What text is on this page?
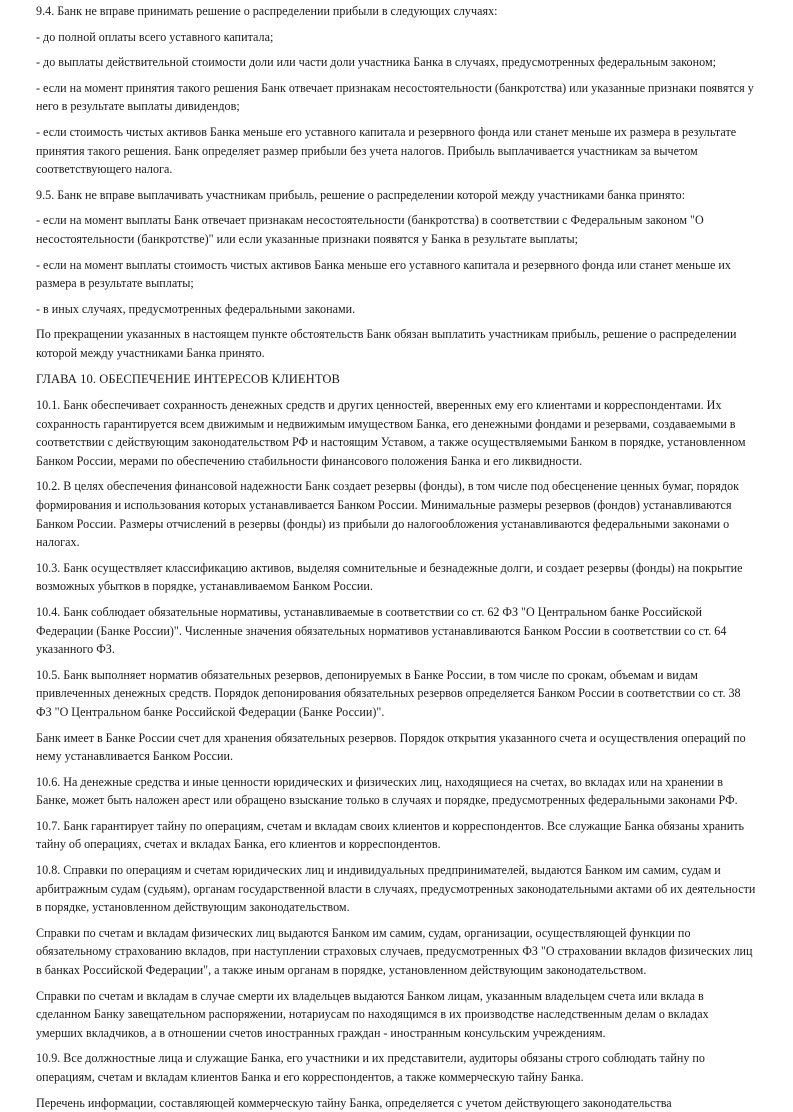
9.4. Банк не вправе принимать решение о распределении прибыли в следующих случаях:

- до полной оплаты всего уставного капитала;

- до выплаты действительной стоимости доли или части доли участника Банка в случаях, предусмотренных федеральным законом;

- если на момент принятия такого решения Банк отвечает признакам несостоятельности (банкротства) или указанные признаки появятся у него в результате выплаты дивидендов;

- если стоимость чистых активов Банка меньше его уставного капитала и резервного фонда или станет меньше их размера в результате принятия такого решения. Банк определяет размер прибыли без учета налогов. Прибыль выплачивается участникам за вычетом соответствующего налога.

9.5. Банк не вправе выплачивать участникам прибыль, решение о распределении которой между участниками банка принято:

- если на момент выплаты Банк отвечает признакам несостоятельности (банкротства) в соответствии с Федеральным законом "О несостоятельности (банкротстве)" или если указанные признаки появятся у Банка в результате выплаты;

- если на момент выплаты стоимость чистых активов Банка меньше его уставного капитала и резервного фонда или станет меньше их размера в результате выплаты;

- в иных случаях, предусмотренных федеральными законами.

По прекращении указанных в настоящем пункте обстоятельств Банк обязан выплатить участникам прибыль, решение о распределении которой между участниками Банка принято.

ГЛАВА 10. ОБЕСПЕЧЕНИЕ ИНТЕРЕСОВ КЛИЕНТОВ

10.1. Банк обеспечивает сохранность денежных средств и других ценностей, вверенных ему его клиентами и корреспондентами. Их сохранность гарантируется всем движимым и недвижимым имуществом Банка, его денежными фондами и резервами, создаваемыми в соответствии с действующим законодательством РФ и настоящим Уставом, а также осуществляемыми Банком в порядке, установленном Банком России, мерами по обеспечению стабильности финансового положения Банка и его ликвидности.

10.2. В целях обеспечения финансовой надежности Банк создает резервы (фонды), в том числе под обесценение ценных бумаг, порядок формирования и использования которых устанавливается Банком России. Минимальные размеры резервов (фондов) устанавливаются Банком России. Размеры отчислений в резервы (фонды) из прибыли до налогообложения устанавливаются федеральными законами о налогах.

10.3. Банк осуществляет классификацию активов, выделяя сомнительные и безнадежные долги, и создает резервы (фонды) на покрытие возможных убытков в порядке, устанавливаемом Банком России.

10.4. Банк соблюдает обязательные нормативы, устанавливаемые в соответствии со ст. 62 ФЗ "О Центральном банке Российской Федерации (Банке России)". Численные значения обязательных нормативов устанавливаются Банком России в соответствии со ст. 64 указанного ФЗ.

10.5. Банк выполняет норматив обязательных резервов, депонируемых в Банке России, в том числе по срокам, объемам и видам привлеченных денежных средств. Порядок депонирования обязательных резервов определяется Банком России в соответствии со ст. 38 ФЗ "О Центральном банке Российской Федерации (Банке России)".

Банк имеет в Банке России счет для хранения обязательных резервов. Порядок открытия указанного счета и осуществления операций по нему устанавливается Банком России.

10.6. На денежные средства и иные ценности юридических и физических лиц, находящиеся на счетах, во вкладах или на хранении в Банке, может быть наложен арест или обращено взыскание только в случаях и порядке, предусмотренных федеральными законами РФ.

10.7. Банк гарантирует тайну по операциям, счетам и вкладам своих клиентов и корреспондентов. Все служащие Банка обязаны хранить тайну об операциях, счетах и вкладах Банка, его клиентов и корреспондентов.

10.8. Справки по операциям и счетам юридических лиц и индивидуальных предпринимателей, выдаются Банком им самим, судам и арбитражным судам (судьям), органам государственной власти в случаях, предусмотренных законодательными актами об их деятельности в порядке, установленном действующим законодательством.

Справки по счетам и вкладам физических лиц выдаются Банком им самим, судам, организации, осуществляющей функции по обязательному страхованию вкладов, при наступлении страховых случаев, предусмотренных ФЗ "О страховании вкладов физических лиц в банках Российской Федерации", а также иным органам в порядке, установленном действующим законодательством.

Справки по счетам и вкладам в случае смерти их владельцев выдаются Банком лицам, указанным владельцем счета или вклада в сделанном Банку завещательном распоряжении, нотариусам по находящимся в их производстве наследственным делам о вкладах умерших вкладчиков, а в отношении счетов иностранных граждан - иностранным консульским учреждениям.

10.9. Все должностные лица и служащие Банка, его участники и их представители, аудиторы обязаны строго соблюдать тайну по операциям, счетам и вкладам клиентов Банка и его корреспондентов, а также коммерческую тайну Банка.

Перечень информации, составляющей коммерческую тайну Банка, определяется с учетом действующего законодательства
